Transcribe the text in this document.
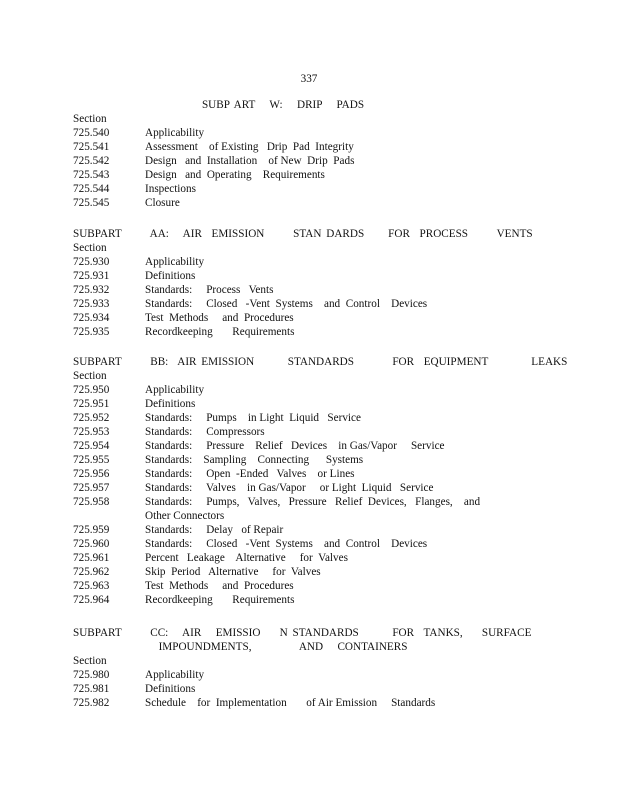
337
SUBP ART   W:   DRIP   PADS
Section
725.540	Applicability
725.541	Assessment    of Existing   Drip  Pad  Integrity
725.542	Design   and  Installation    of New  Drip  Pads
725.543	Design   and  Operating    Requirements
725.544	Inspections
725.545	Closure
SUBPART      AA:   AIR  EMISSION      STAN DARDS     FOR  PROCESS      VENTS
Section
725.930	Applicability
725.931	Definitions
725.932	Standards:     Process   Vents
725.933	Standards:     Closed   -Vent  Systems    and  Control    Devices
725.934	Test  Methods     and  Procedures
725.935	Recordkeeping       Requirements
SUBPART      BB:  AIR EMISSION       STANDARDS        FOR  EQUIPMENT         LEAKS
Section
725.950	Applicability
725.951	Definitions
725.952	Standards:     Pumps    in Light  Liquid   Service
725.953	Standards:     Compressors
725.954	Standards:     Pressure    Relief   Devices    in Gas/Vapor     Service
725.955	Standards:    Sampling    Connecting      Systems
725.956	Standards:     Open  -Ended   Valves    or Lines
725.957	Standards:     Valves    in Gas/Vapor     or Light  Liquid   Service
725.958	Standards:     Pumps,   Valves,   Pressure   Relief  Devices,   Flanges,    and  Other Connectors
725.959	Standards:     Delay   of Repair
725.960	Standards:     Closed   -Vent  Systems    and  Control    Devices
725.961	Percent   Leakage    Alternative     for  Valves
725.962	Skip  Period   Alternative     for  Valves
725.963	Test  Methods     and  Procedures
725.964	Recordkeeping       Requirements
SUBPART      CC:   AIR   EMISSIO    N STANDARDS       FOR  TANKS,    SURFACE
IMPOUNDMENTS,          AND   CONTAINERS
Section
725.980	Applicability
725.981	Definitions
725.982	Schedule    for  Implementation       of Air Emission     Standards
